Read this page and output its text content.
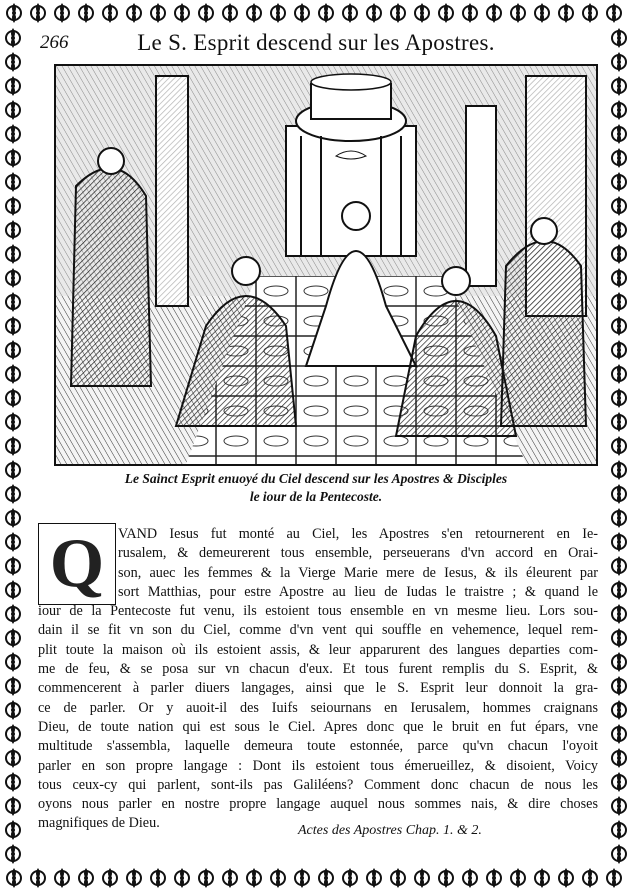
266	Le S. Esprit descend sur les Apostres.
Le Sainct Esprit enuoyé du Ciel descend sur les Apostres & Disciples
le iour de la Pentecoste.
Q VAND Iesus fut monté au Ciel, les Apostres s'en retournerent en Ie-
rusalem, & demeurerent tous ensemble, perseuerans d'vn accord en Orai-
son, auec les femmes & la Vierge Marie mere de Iesus, & ils éleurent par
sort Matthias, pour estre Apostre au lieu de Iudas le traistre ; & quand le
iour de la Pentecoste fut venu, ils estoient tous ensemble en vn mesme lieu. Lors sou-
dain il se fit vn son du Ciel, comme d'vn vent qui souffle en vehemence, lequel rem-
plit toute la maison où ils estoient assis, & leur apparurent des langues departies com-
me de feu, & se posa sur vn chacun d'eux. Et tous furent remplis du S. Esprit, &
commencerent à parler diuers langages, ainsi que le S. Esprit leur donnoit la gra-
ce de parler. Or y auoit-il des Iuifs seiournans en Ierusalem, hommes craignans
Dieu, de toute nation qui est sous le Ciel. Apres donc que le bruit en fut épars, vne
multitude s'assembla, laquelle demeura toute estonnée, parce qu'vn chacun l'oyoit
parler en son propre langage : Dont ils estoient tous émerueillez, & disoient, Voicy
tous ceux-cy qui parlent, sont-ils pas Galiléens? Comment donc chacun de nous les
oyons nous parler en nostre propre langage auquel nous sommes nais, & dire choses
magnifiques de Dieu.	Actes des Apostres Chap. 1. & 2.
